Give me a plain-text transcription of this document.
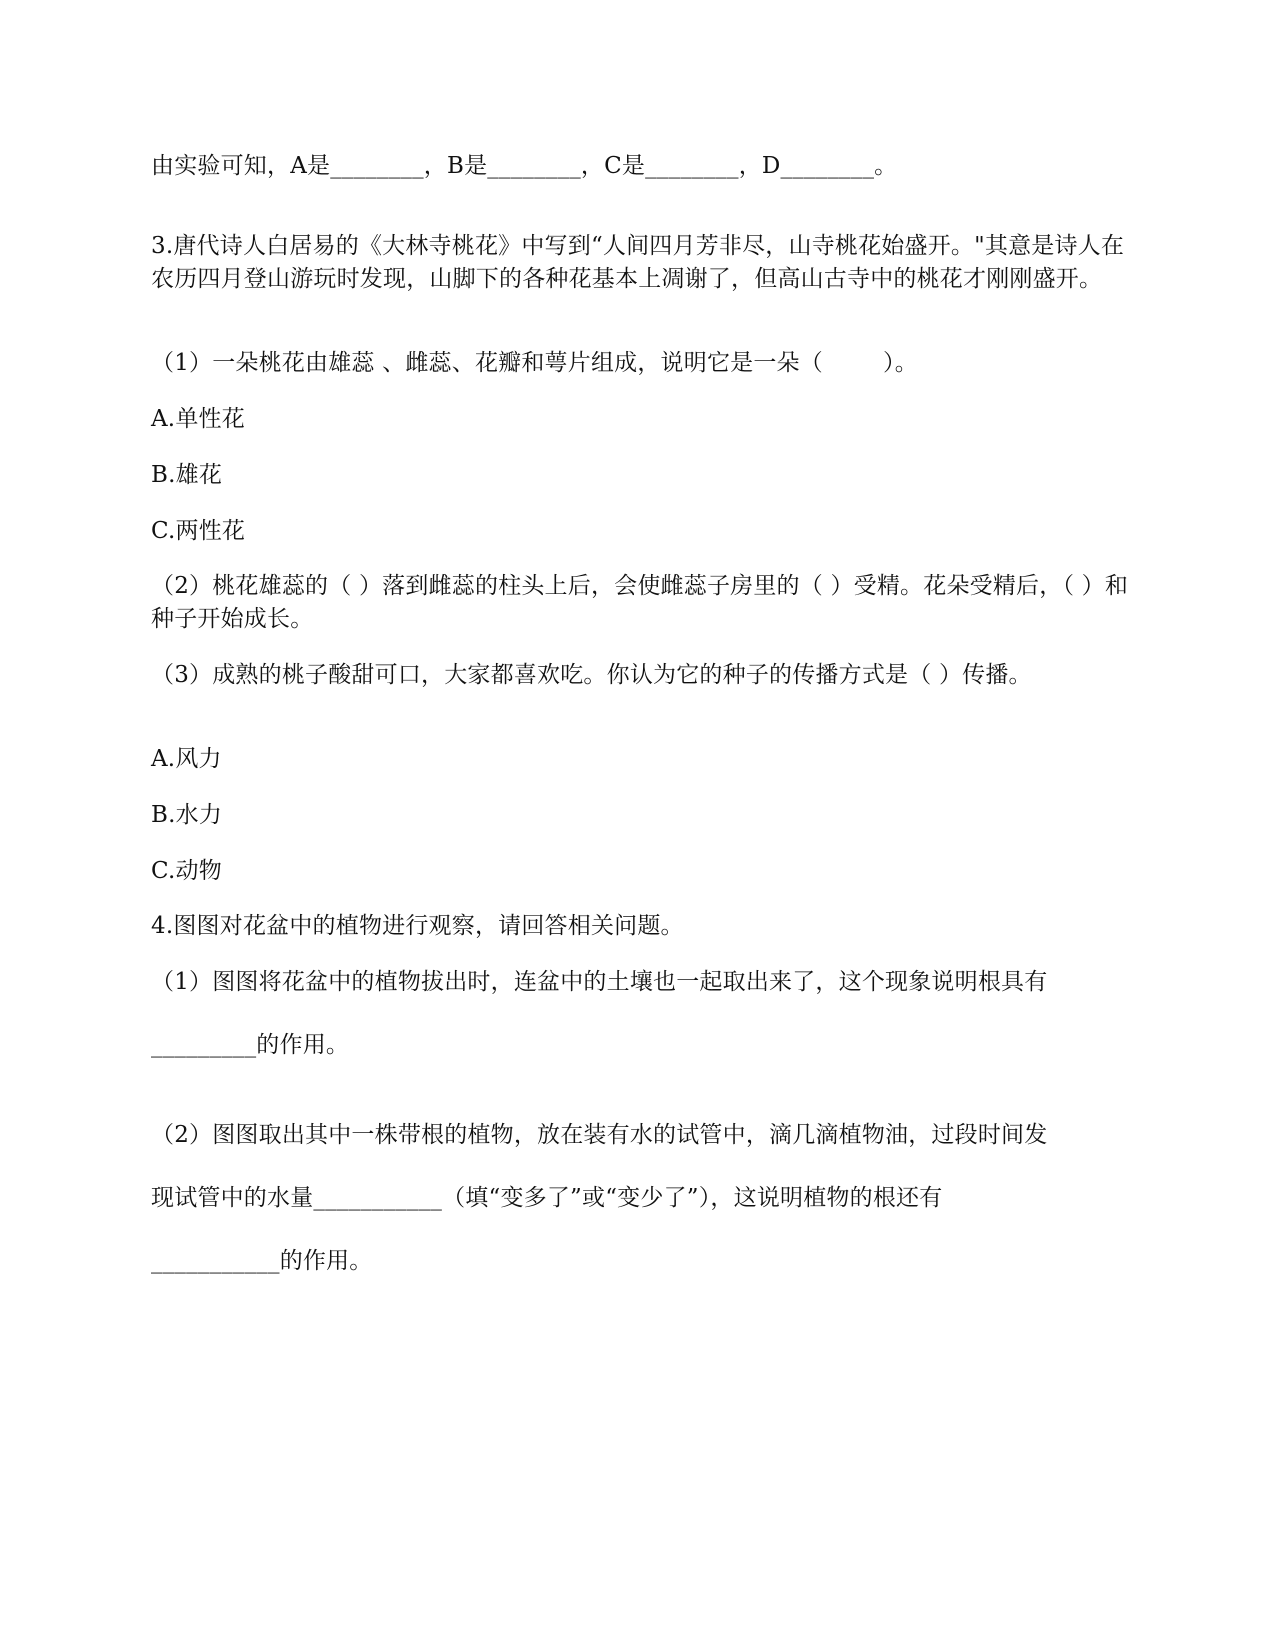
由实验可知，A是________，B是________，C是________，D________。
3.唐代诗人白居易的《大林寺桃花》中写到“人间四月芳非尽，山寺桃花始盛开。"其意是诗人在农历四月登山游玩时发现，山脚下的各种花基本上凋谢了，但高山古寺中的桃花才刚刚盛开。
（1）一朵桃花由雄蕊 、雌蕊、花瓣和萼片组成，说明它是一朵（        ）。
A.单性花
B.雄花
C.两性花
（2）桃花雄蕊的（ ）落到雌蕊的柱头上后，会使雌蕊子房里的（ ）受精。花朵受精后，（ ）和种子开始成长。
（3）成熟的桃子酸甜可口，大家都喜欢吃。你认为它的种子的传播方式是（ ）传播。
A.风力
B.水力
C.动物
4.图图对花盆中的植物进行观察，请回答相关问题。
（1）图图将花盆中的植物拔出时，连盆中的土壤也一起取出来了，这个现象说明根具有
_________的作用。
（2）图图取出其中一株带根的植物，放在装有水的试管中，滴几滴植物油，过段时间发
现试管中的水量___________（填“变多了”或“变少了”），这说明植物的根还有
___________的作用。
